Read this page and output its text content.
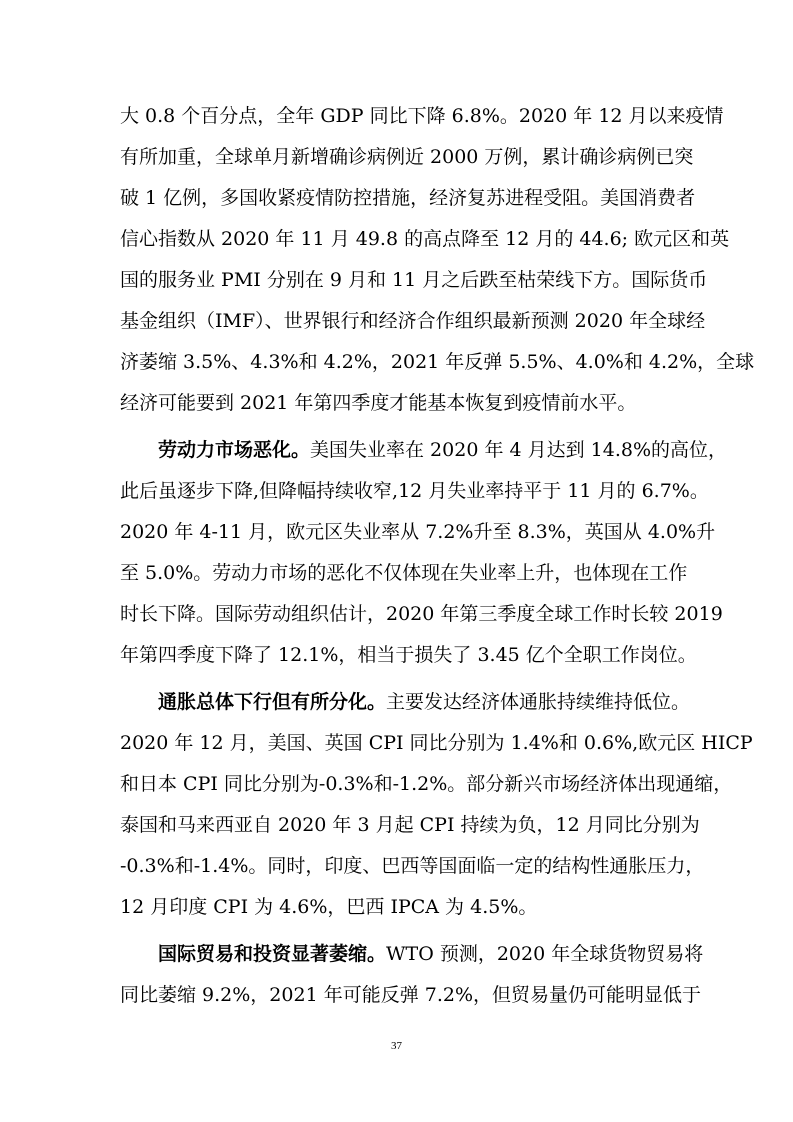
大 0.8 个百分点，全年 GDP 同比下降 6.8%。2020 年 12 月以来疫情
有所加重，全球单月新增确诊病例近 2000 万例，累计确诊病例已突
破 1 亿例，多国收紧疫情防控措施，经济复苏进程受阻。美国消费者
信心指数从 2020 年 11 月 49.8 的高点降至 12 月的 44.6; 欧元区和英
国的服务业 PMI 分别在 9 月和 11 月之后跌至枯荣线下方。国际货币
基金组织（IMF）、世界银行和经济合作组织最新预测 2020 年全球经
济萎缩 3.5%、4.3%和 4.2%，2021 年反弹 5.5%、4.0%和 4.2%，全球
经济可能要到 2021 年第四季度才能基本恢复到疫情前水平。
劳动力市场恶化。美国失业率在 2020 年 4 月达到 14.8%的高位，
此后虽逐步下降,但降幅持续收窄,12 月失业率持平于 11 月的 6.7%。
2020 年 4-11 月，欧元区失业率从 7.2%升至 8.3%，英国从 4.0%升
至 5.0%。劳动力市场的恶化不仅体现在失业率上升，也体现在工作
时长下降。国际劳动组织估计，2020 年第三季度全球工作时长较 2019
年第四季度下降了 12.1%，相当于损失了 3.45 亿个全职工作岗位。
通胀总体下行但有所分化。主要发达经济体通胀持续维持低位。
2020 年 12 月，美国、英国 CPI 同比分别为 1.4%和 0.6%,欧元区 HICP
和日本 CPI 同比分别为-0.3%和-1.2%。部分新兴市场经济体出现通缩，
泰国和马来西亚自 2020 年 3 月起 CPI 持续为负，12 月同比分别为
-0.3%和-1.4%。同时，印度、巴西等国面临一定的结构性通胀压力，
12 月印度 CPI 为 4.6%，巴西 IPCA 为 4.5%。
国际贸易和投资显著萎缩。WTO 预测，2020 年全球货物贸易将
同比萎缩 9.2%，2021 年可能反弹 7.2%，但贸易量仍可能明显低于
37
